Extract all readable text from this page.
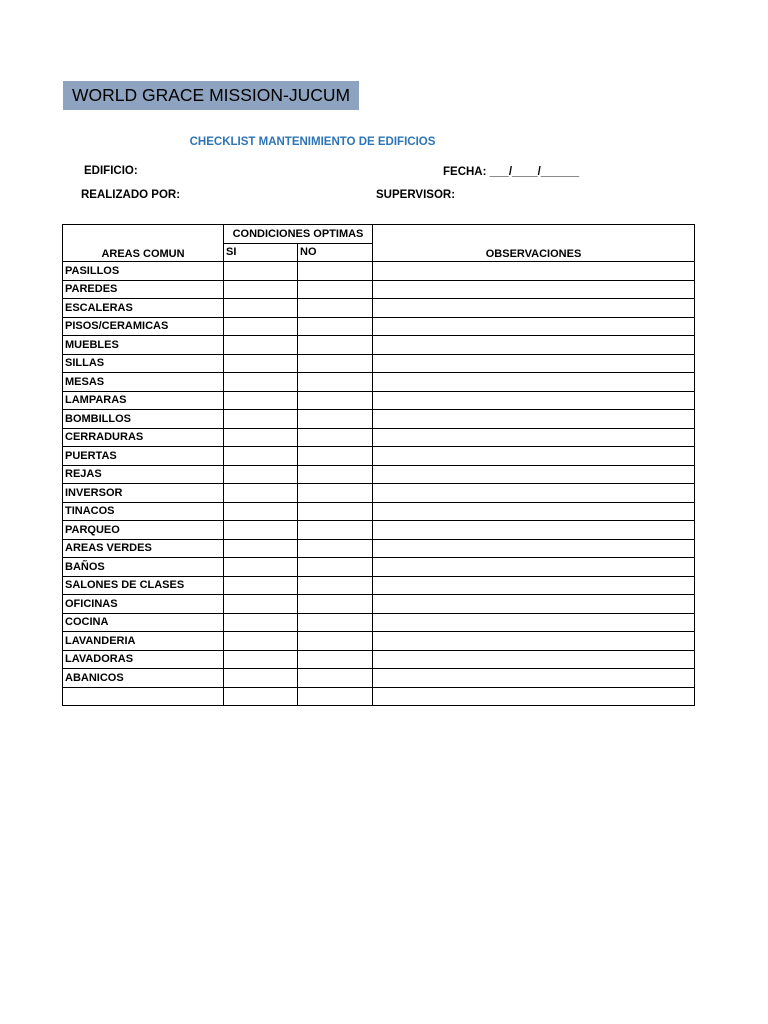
WORLD GRACE MISSION-JUCUM
CHECKLIST MANTENIMIENTO DE EDIFICIOS
EDIFICIO:	FECHA: ___/____/______
REALIZADO POR:	SUPERVISOR:
AREAS COMUN	CONDICIONES OPTIMAS		OBSERVACIONES
	SI	NO	
PASILLOS			
PAREDES			
ESCALERAS			
PISOS/CERAMICAS			
MUEBLES			
SILLAS			
MESAS			
LAMPARAS			
BOMBILLOS			
CERRADURAS			
PUERTAS			
REJAS			
INVERSOR			
TINACOS			
PARQUEO			
AREAS VERDES			
BAÑOS			
SALONES DE CLASES			
OFICINAS			
COCINA			
LAVANDERIA			
LAVADORAS			
ABANICOS			
